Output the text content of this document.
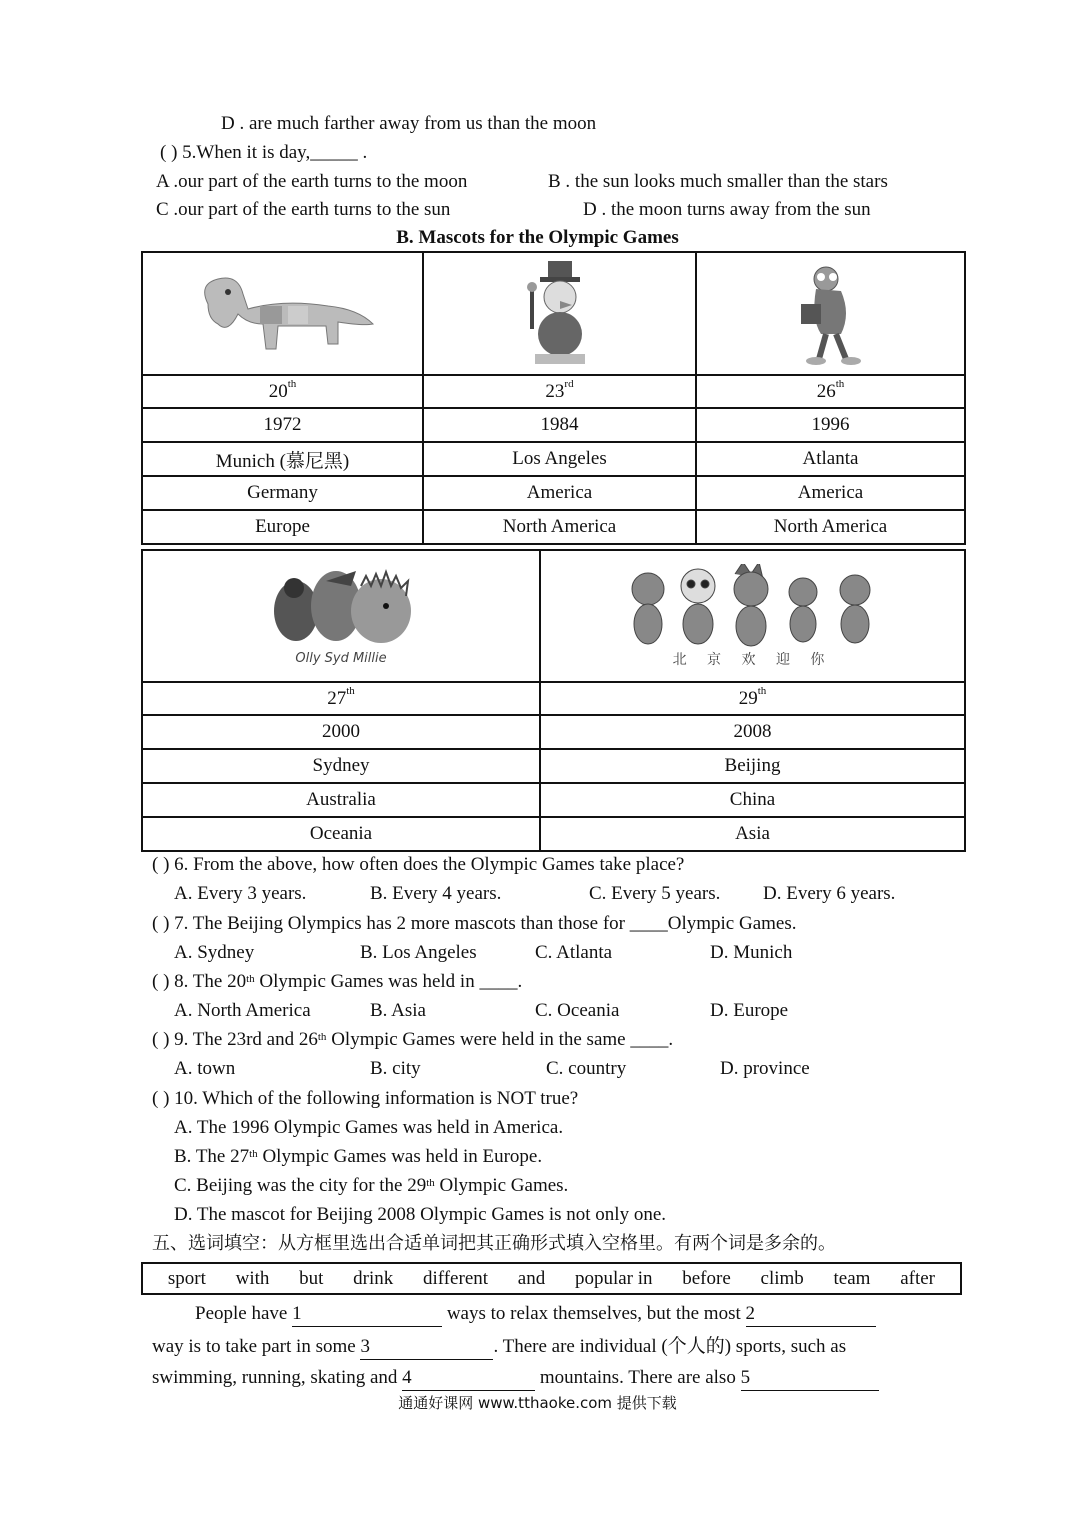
D . are much farther away from us than the moon
( ) 5.When it is day,_____ .
A .our part of the earth turns to the moon	B . the sun looks much smaller than the stars
C .our part of the earth turns to the sun	D . the moon turns away from the sun
B. Mascots for the Olympic Games

20th	23rd	26th
1972	1984	1996
Munich (慕尼黑)	Los Angeles	Atlanta
Germany	America	America
Europe	North America	North America
Olly Syd Millie	北 京 欢 迎 你

27th	29th
2000	2008
Sydney	Beijing
Australia	China
Oceania	Asia
( ) 6. From the above, how often does the Olympic Games take place?
A. Every 3 years.	B. Every 4 years.	C. Every 5 years. D. Every 6 years.
( ) 7. The Beijing Olympics has 2 more mascots than those for ____Olympic Games.
A. Sydney	B. Los Angeles	C. Atlanta	D. Munich
( ) 8. The 20th Olympic Games was held in ____.
A. North America	B. Asia	C. Oceania	D. Europe
( ) 9. The 23rd and 26th Olympic Games were held in the same ____.
A. town	B. city	C. country	D. province
( ) 10. Which of the following information is NOT true?
A. The 1996 Olympic Games was held in America.
B. The 27th Olympic Games was held in Europe.
C. Beijing was the city for the 29th Olympic Games.
D. The mascot for Beijing 2008 Olympic Games is not only one.
五、选词填空：从方框里选出合适单词把其正确形式填入空格里。有两个词是多余的。
sport with but drink different and popular in before climb team after
People have 1	ways to relax themselves, but the most 2
way is to take part in some 3	. There are individual (个人的) sports, such as
swimming, running, skating and 4	mountains. There are also 5
通通好课网 www.tthaoke.com 提供下载
